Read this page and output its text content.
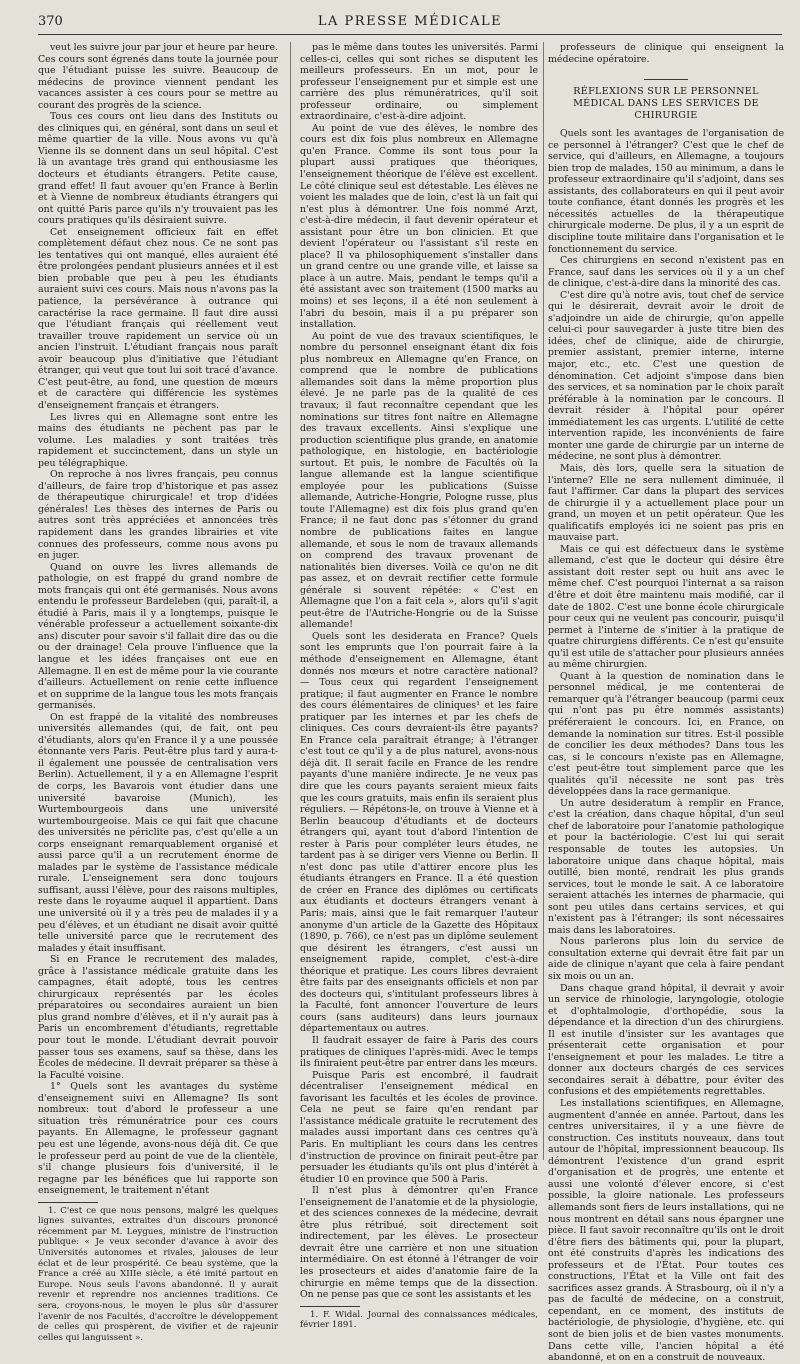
370	LA PRESSE MÉDICALE

veut les suivre jour par jour et heure par heure. Ces cours sont égrenés dans toute la journée pour que l'étudiant puisse les suivre. Beaucoup de médecins de province viennent pendant les vacances assister à ces cours pour se mettre au courant des progrès de la science.

Tous ces cours ont lieu dans des Instituts ou des cliniques qui, en général, sont dans un seul et même quartier de la ville. Nous avons vu qu'à Vienne ils se donnent dans un seul hôpital. C'est là un avantage très grand qui enthousiasme les docteurs et étudiants étrangers. Petite cause, grand effet! Il faut avouer qu'en France à Berlin et à Vienne de nombreux étudiants étrangers qui ont quitté Paris parce qu'ils n'y trouvaient pas les cours pratiques qu'ils désiraient suivre.

Cet enseignement officieux fait en effet complètement défaut chez nous. Ce ne sont pas les tentatives qui ont manqué, elles auraient été être prolongées pendant plusieurs années et il est bien probable que peu à peu les étudiants auraient suivi ces cours. Mais nous n'avons pas la patience, la persévérance à outrance qui caractérise la race germaine. Il faut dire aussi que l'étudiant français qui réellement veut travailler trouve rapidement un service où un ancien l'instruit. L'étudiant français nous paraît avoir beaucoup plus d'initiative que l'étudiant étranger, qui veut que tout lui soit tracé d'avance. C'est peut-être, au fond, une question de mœurs et de caractère qui différencie les systèmes d'enseignement français et étrangers.

Les livres qui en Allemagne sont entre les mains des étudiants ne pèchent pas par le volume. Les maladies y sont traitées très rapidement et succinctement, dans un style un peu télégraphique.

On reproche à nos livres français, peu connus d'ailleurs, de faire trop d'historique et pas assez de thérapeutique chirurgicale! et trop d'idées générales! Les thèses des internes de Paris ou autres sont très appréciées et annoncées très rapidement dans les grandes librairies et vite connues des professeurs, comme nous avons pu en juger.

Quand on ouvre les livres allemands de pathologie, on est frappé du grand nombre de mots français qui ont été germanisés. Nous avons entendu le professeur Bardeleben (qui, paraît-il, a étudié à Paris, mais il y a longtemps, puisque le vénérable professeur a actuellement soixante-dix ans) discuter pour savoir s'il fallait dire das ou die ou der drainage! Cela prouve l'influence que la langue et les idées françaises ont eue en Allemagne. Il en est de même pour la vie courante d'ailleurs. Actuellement on renie cette influence et on supprime de la langue tous les mots français germanisés.

On est frappé de la vitalité des nombreuses universités allemandes (qui, de fait, ont peu d'étudiants, alors qu'en France il y a une poussée étonnante vers Paris. Peut-être plus tard y aura-t-il également une poussée de centralisation vers Berlin). Actuellement, il y a en Allemagne l'esprit de corps, les Bavarois vont étudier dans une université bavaroise (Munich), les Wurtembourgeois dans une université wurtembourgeoise. Mais ce qui fait que chacune des universités ne périclite pas, c'est qu'elle a un corps enseignant remarquablement organisé et aussi parce qu'il a un recrutement énorme de malades par le système de l'assistance médicale rurale. L'enseignement sera donc toujours suffisant, aussi l'élève, pour des raisons multiples, reste dans le royaume auquel il appartient. Dans une université où il y a très peu de malades il y a peu d'élèves, et un étudiant ne disait avoir quitté telle université parce que le recrutement des malades y était insuffisant.

Si en France le recrutement des malades, grâce à l'assistance médicale gratuite dans les campagnes, était adopté, tous les centres chirurgicaux représentés par les écoles préparatoires ou secondaires auraient un bien plus grand nombre d'élèves, et il n'y aurait pas à Paris un encombrement d'étudiants, regrettable pour tout le monde. L'étudiant devrait pouvoir passer tous ses examens, sauf sa thèse, dans les Écoles de médecine. Il devrait préparer sa thèse à la Faculté voisine.

1° Quels sont les avantages du système d'enseignement suivi en Allemagne? Ils sont nombreux: tout d'abord le professeur a une situation très rémunératrice pour ces cours payants. En Allemagne, le professeur gagnant peu est une légende, avons-nous déjà dit. Ce que le professeur perd au point de vue de la clientèle, s'il change plusieurs fois d'université, il le regagne par les bénéfices que lui rapporte son enseignement, le traitement n'étant

1. C'est ce que nous pensons, malgré les quelques lignes suivantes, extraites d'un discours prononcé récemment par M. Leygues, ministre de l'instruction publique: « Je veux seconder d'avance à avoir des Universités autonomes et rivales, jalouses de leur éclat et de leur prospérité. Ce beau système, que la France a créé au XIIIe siècle, a été imité partout en Europe. Nous seuls l'avons abandonné. Il y aurait revenir et reprendre nos anciennes traditions. Ce sera, croyons-nous, le moyen le plus sûr d'assurer l'avenir de nos Facultés, d'accroître le développement de celles qui prospèrent, de vivifier et de rajeunir celles qui languissent ».

pas le même dans toutes les universités. Parmi celles-ci, celles qui sont riches se disputent les meilleurs professeurs. En un mot, pour le professeur l'enseignement pur et simple est une carrière des plus rémunératrices, qu'il soit professeur ordinaire, ou simplement extraordinaire, c'est-à-dire adjoint.

Au point de vue des élèves, le nombre des cours est dix fois plus nombreux en Allemagne qu'en France. Comme ils sont tous pour la plupart aussi pratiques que théoriques, l'enseignement théorique de l'élève est excellent. Le côté clinique seul est détestable. Les élèves ne voient les malades que de loin, c'est là un fait qui n'est plus à démontrer. Une fois nommé Arzt, c'est-à-dire médecin, il faut devenir opérateur et assistant pour être un bon clinicien. Et que devient l'opérateur ou l'assistant s'il reste en place? Il va philosophiquement s'installer dans un grand centre ou une grande ville, et laisse sa place à un autre. Mais, pendant le temps qu'il a été assistant avec son traitement (1500 marks au moins) et ses leçons, il a été non seulement à l'abri du besoin, mais il a pu préparer son installation.

Au point de vue des travaux scientifiques, le nombre du personnel enseignant étant dix fois plus nombreux en Allemagne qu'en France, on comprend que le nombre de publications allemandes soit dans la même proportion plus élevé. Je ne parle pas de la qualité de ces travaux; il faut reconnaître cependant que les nominations sur titres font naître en Allemagne des travaux excellents. Ainsi s'explique une production scientifique plus grande, en anatomie pathologique, en histologie, en bactériologie surtout. Et puis, le nombre de Facultés où la langue allemande est la langue scientifique employée pour les publications (Suisse allemande, Autriche-Hongrie, Pologne russe, plus toute l'Allemagne) est dix fois plus grand qu'en France; il ne faut donc pas s'étonner du grand nombre de publications faites en langue allemande, et sous le nom de travaux allemands on comprend des travaux provenant de nationalités bien diverses. Voilà ce qu'on ne dit pas assez, et on devrait rectifier cette formule générale si souvent répétée: « C'est en Allemagne que l'on a fait cela », alors qu'il s'agit peut-être de l'Autriche-Hongrie ou de la Suisse allemande!

Quels sont les desiderata en France? Quels sont les emprunts que l'on pourrait faire à la méthode d'enseignement en Allemagne, étant donnés nos mœurs et notre caractère national? — Tous ceux qui regardent l'enseignement pratique; il faut augmenter en France le nombre des cours élémentaires de cliniques¹ et les faire pratiquer par les internes et par les chefs de cliniques. Ces cours devraient-ils être payants? En France cela paraîtrait étrange; à l'étranger c'est tout ce qu'il y a de plus naturel, avons-nous déjà dit. Il serait facile en France de les rendre payants d'une manière indirecte. Je ne veux pas dire que les cours payants seraient mieux faits que les cours gratuits, mais enfin ils seraient plus réguliers. — Répétons-le, on trouve à Vienne et à Berlin beaucoup d'étudiants et de docteurs étrangers qui, ayant tout d'abord l'intention de rester à Paris pour compléter leurs études, ne tardent pas à se diriger vers Vienne ou Berlin. Il n'est donc pas utile d'attirer encore plus les étudiants étrangers en France. Il a été question de créer en France des diplômes ou certificats aux étudiants et docteurs étrangers venant à Paris; mais, ainsi que le fait remarquer l'auteur anonyme d'un article de la Gazette des Hôpitaux (1890, p. 766), ce n'est pas un diplôme seulement que désirent les étrangers, c'est aussi un enseignement rapide, complet, c'est-à-dire théorique et pratique. Les cours libres devraient être faits par des enseignants officiels et non par des docteurs qui, s'intitulant professeurs libres à la Faculté, font annoncer l'ouverture de leurs cours (sans auditeurs) dans leurs journaux départementaux ou autres.

Il faudrait essayer de faire à Paris des cours pratiques de cliniques l'après-midi. Avec le temps ils finiraient peut-être par entrer dans les mœurs.

Puisque Paris est encombré, il faudrait décentraliser l'enseignement médical en favorisant les facultés et les écoles de province. Cela ne peut se faire qu'en rendant par l'assistance médicale gratuite le recrutement des malades aussi important dans ces centres qu'à Paris. En multipliant les cours dans les centres d'instruction de province on finirait peut-être par persuader les étudiants qu'ils ont plus d'intérêt à étudier 10 en province que 500 à Paris.

Il n'est plus à démontrer qu'en France l'enseignement de l'anatomie et de la physiologie, et des sciences connexes de la médecine, devrait être plus rétribué, soit directement soit indirectement, par les élèves. Le prosecteur devrait être une carrière et non une situation intermédiaire. On est étonné à l'étranger de voir les prosecteurs et aides d'anatomie faire de la chirurgie en même temps que de la dissection. On ne pense pas que ce sont les assistants et les

1. F. Widal. Journal des connaissances médicales, février 1891.

professeurs de clinique qui enseignent la médecine opératoire.

RÉFLEXIONS SUR LE PERSONNEL MÉDICAL DANS LES SERVICES DE CHIRURGIE

Quels sont les avantages de l'organisation de ce personnel à l'étranger? C'est que le chef de service, qui d'ailleurs, en Allemagne, a toujours bien trop de malades, 150 au minimum, a dans le professeur extraordinaire qu'il s'adjoint, dans ses assistants, des collaborateurs en qui il peut avoir toute confiance, étant donnés les progrès et les nécessités actuelles de la thérapeutique chirurgicale moderne. De plus, il y a un esprit de discipline toute militaire dans l'organisation et le fonctionnement du service.

Ces chirurgiens en second n'existent pas en France, sauf dans les services où il y a un chef de clinique, c'est-à-dire dans la minorité des cas.

C'est dire qu'à notre avis, tout chef de service qui le désirerait, devrait avoir le droit de s'adjoindre un aide de chirurgie, qu'on appelle celui-ci pour sauvegarder à juste titre bien des idées, chef de clinique, aide de chirurgie, premier assistant, premier interne, interne major, etc., etc. C'est une question de dénomination. Cet adjoint s'impose dans bien des services, et sa nomination par le choix paraît préférable à la nomination par le concours. Il devrait résider à l'hôpital pour opérer immédiatement les cas urgents. L'utilité de cette intervention rapide, les inconvénients de faire monter une garde de chirurgie par un interne de médecine, ne sont plus à démontrer.

Mais, dès lors, quelle sera la situation de l'interne? Elle ne sera nullement diminuée, il faut l'affirmer. Car dans la plupart des services de chirurgie il y a actuellement place pour un grand, un moyen et un petit opérateur. Que les qualificatifs employés ici ne soient pas pris en mauvaise part.

Mais ce qui est défectueux dans le système allemand, c'est que le docteur qui désire être assistant doit rester sept ou huit ans avec le même chef. C'est pourquoi l'internat a sa raison d'être et doit être maintenu mais modifié, car il date de 1802. C'est une bonne école chirurgicale pour ceux qui ne veulent pas concourir, puisqu'il permet à l'interne de s'initier à la pratique de quatre chirurgiens différents. Ce n'est qu'ensuite qu'il est utile de s'attacher pour plusieurs années au même chirurgien.

Quant à la question de nomination dans le personnel médical, je me contenterai de remarquer qu'à l'étranger beaucoup (parmi ceux qui n'ont pas pu être nommés assistants) préféreraient le concours. Ici, en France, on demande la nomination sur titres. Est-il possible de concilier les deux méthodes? Dans tous les cas, si le concours n'existe pas en Allemagne, c'est peut-être tout simplement parce que les qualités qu'il nécessite ne sont pas très développées dans la race germanique.

Un autre desideratum à remplir en France, c'est la création, dans chaque hôpital, d'un seul chef de laboratoire pour l'anatomie pathologique et pour la bactériologie. C'est lui qui serait responsable de toutes les autopsies. Un laboratoire unique dans chaque hôpital, mais outillé, bien monté, rendrait les plus grands services, tout le monde le sait. A ce laboratoire seraient attachés les internes de pharmacie, qui sont peu utiles dans certains services, et qui n'existent pas à l'étranger; ils sont nécessaires mais dans les laboratoires.

Nous parlerons plus loin du service de consultation externe qui devrait être fait par un aide de clinique n'ayant que cela à faire pendant six mois ou un an.

Dans chaque grand hôpital, il devrait y avoir un service de rhinologie, laryngologie, otologie et d'ophtalmologie, d'orthopédie, sous la dépendance et la direction d'un des chirurgiens. Il est inutile d'insister sur les avantages que présenterait cette organisation et pour l'enseignement et pour les malades. Le titre a donner aux docteurs chargés de ces services secondaires serait à débattre, pour éviter des confusions et des empiétements regrettables.

Les installations scientifiques, en Allemagne, augmentent d'année en année. Partout, dans les centres universitaires, il y a une fièvre de construction. Ces instituts nouveaux, dans tout autour de l'hôpital, impressionnent beaucoup. Ils démontrent l'existence d'un grand esprit d'organisation et de progrès, une entente et aussi une volonté d'élever encore, si c'est possible, la gloire nationale. Les professeurs allemands sont fiers de leurs installations, qui ne nous montrent en détail sans nous épargner une pièce. Il faut savoir reconnaître qu'ils ont le droit d'être fiers des bâtiments qui, pour la plupart, ont été construits d'après les indications des professeurs et de l'État. Pour toutes ces constructions, l'État et la Ville ont fait des sacrifices assez grands. À Strasbourg, où il n'y a pas de faculté de médecine, on a construit, cependant, en ce moment, des instituts de bactériologie, de physiologie, d'hygiène, etc. qui sont de bien jolis et de bien vastes monuments. Dans cette ville, l'ancien hôpital a été abandonné, et on en a construit de nouveaux.
